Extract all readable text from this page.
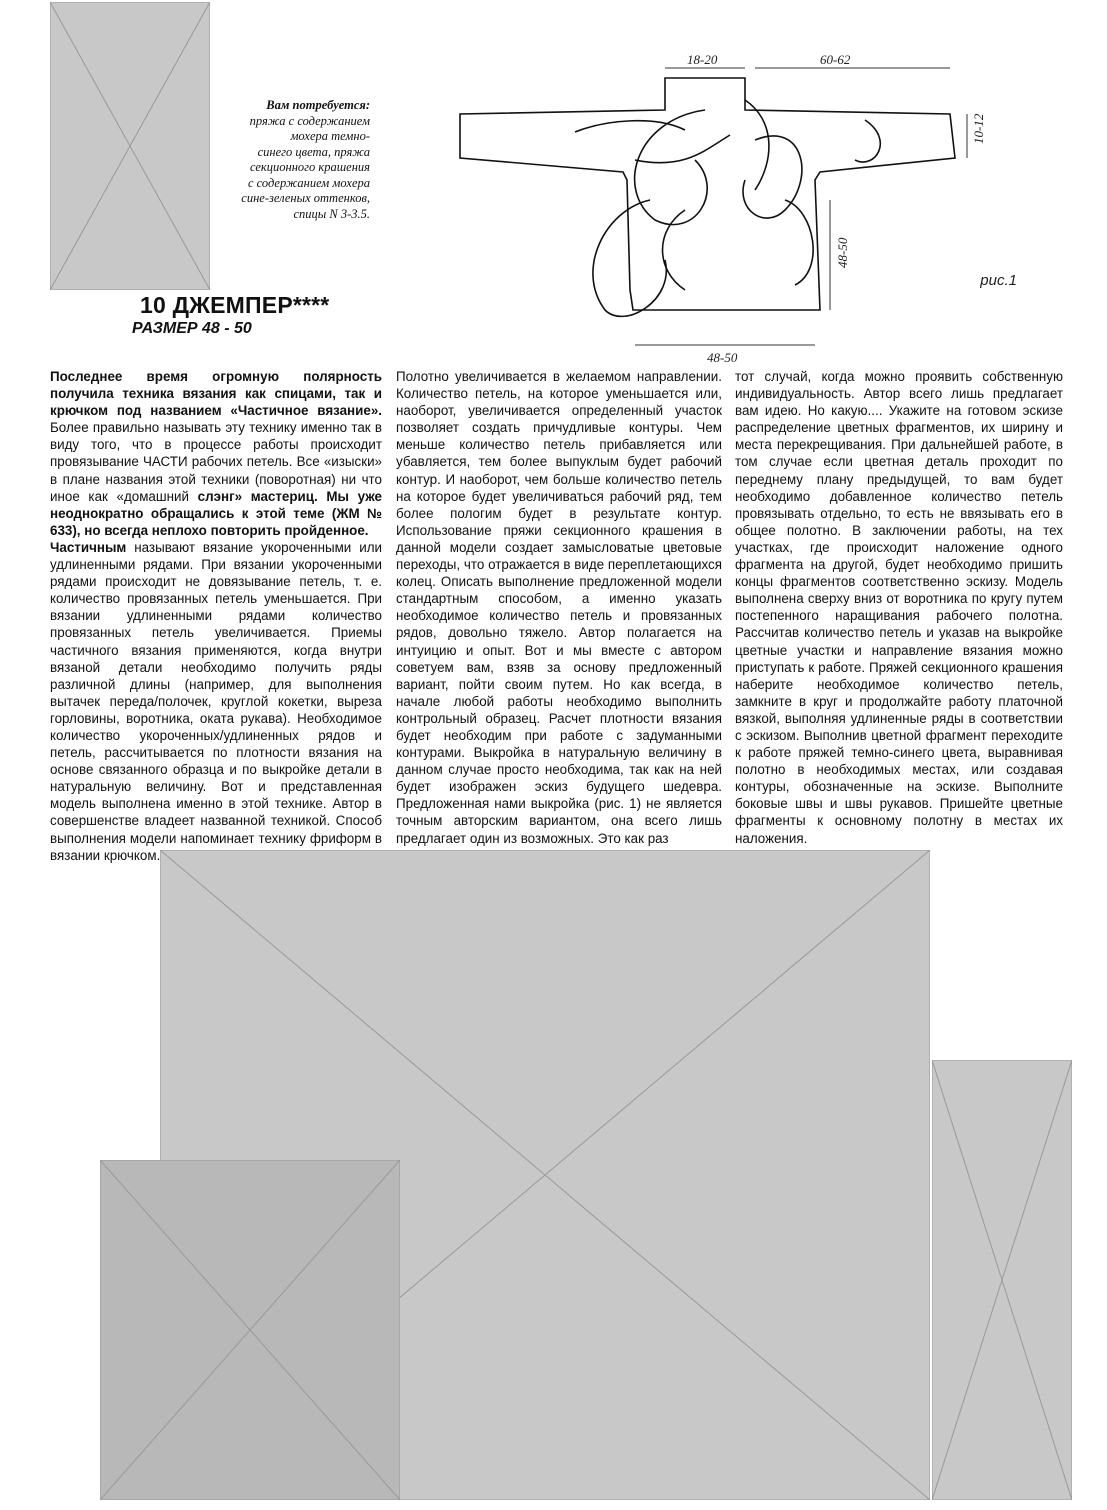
Вам потребуется:
пряжа с содержанием
мохера темно-
синего цвета, пряжа
секционного крашения
с содержанием мохера
сине-зеленых оттенков,
спицы N 3-3.5.
10 ДЖЕМПЕР****
РАЗМЕР 48 - 50
18-20	60-62
10-12
48-50
48-50
рис.1

Последнее время огромную полярность получила техника вязания как спицами, так и крючком под названием «Частичное вязание». Более правильно называть эту технику именно так в виду того, что в процессе работы происходит провязывание ЧАСТИ рабочих петель. Все «изыски» в плане названия этой техники (поворотная) ни что иное как «домашний слэнг» мастериц. Мы уже неоднократно обращались к этой теме (ЖМ № 633), но всегда неплохо повторить пройденное.

Частичным называют вязание укороченными или удлиненными рядами. При вязании укороченными рядами происходит не довязывание петель, т. е. количество провязанных петель уменьшается. При вязании удлиненными рядами количество провязанных петель увеличивается. Приемы частичного вязания применяются, когда внутри вязаной детали необходимо получить ряды различной длины (например, для выполнения вытачек переда/полочек, круглой кокетки, выреза горловины, воротника, оката рукава). Необходимое количество укороченных/удлиненных рядов и петель, рассчитывается по плотности вязания на основе связанного образца и по выкройке детали в натуральную величину. Вот и представленная модель выполнена именно в этой технике. Автор в совершенстве владеет названной техникой. Способ выполнения модели напоминает технику фриформ в вязании крючком.

Полотно увеличивается в желаемом направлении. Количество петель, на которое уменьшается или, наоборот, увеличивается определенный участок позволяет создать причудливые контуры. Чем меньше количество петель прибавляется или убавляется, тем более выпуклым будет рабочий контур. И наоборот, чем больше количество петель на которое будет увеличиваться рабочий ряд, тем более пологим будет в результате контур. Использование пряжи секционного крашения в данной модели создает замысловатые цветовые переходы, что отражается в виде переплетающихся колец. Описать выполнение предложенной модели стандартным способом, а именно указать необходимое количество петель и провязанных рядов, довольно тяжело. Автор полагается на интуицию и опыт. Вот и мы вместе с автором советуем вам, взяв за основу предложенный вариант, пойти своим путем. Но как всегда, в начале любой работы необходимо выполнить контрольный образец. Расчет плотности вязания будет необходим при работе с задуманными контурами. Выкройка в натуральную величину в данном случае просто необходима, так как на ней будет изображен эскиз будущего шедевра. Предложенная нами выкройка (рис. 1) не является точным авторским вариантом, она всего лишь предлагает один из возможных. Это как раз

тот случай, когда можно проявить собственную индивидуальность. Автор всего лишь предлагает вам идею. Но какую.... Укажите на готовом эскизе распределение цветных фрагментов, их ширину и места перекрещивания. При дальнейшей работе, в том случае если цветная деталь проходит по переднему плану предыдущей, то вам будет необходимо добавленное количество петель провязывать отдельно, то есть не ввязывать его в общее полотно. В заключении работы, на тех участках, где происходит наложение одного фрагмента на другой, будет необходимо пришить концы фрагментов соответственно эскизу. Модель выполнена сверху вниз от воротника по кругу путем постепенного наращивания рабочего полотна. Рассчитав количество петель и указав на выкройке цветные участки и направление вязания можно приступать к работе. Пряжей секционного крашения наберите необходимое количество петель, замкните в круг и продолжайте работу платочной вязкой, выполняя удлиненные ряды в соответствии с эскизом. Выполнив цветной фрагмент переходите к работе пряжей темно-синего цвета, выравнивая полотно в необходимых местах, или создавая контуры, обозначенные на эскизе. Выполните боковые швы и швы рукавов. Пришейте цветные фрагменты к основному полотну в местах их наложения.
